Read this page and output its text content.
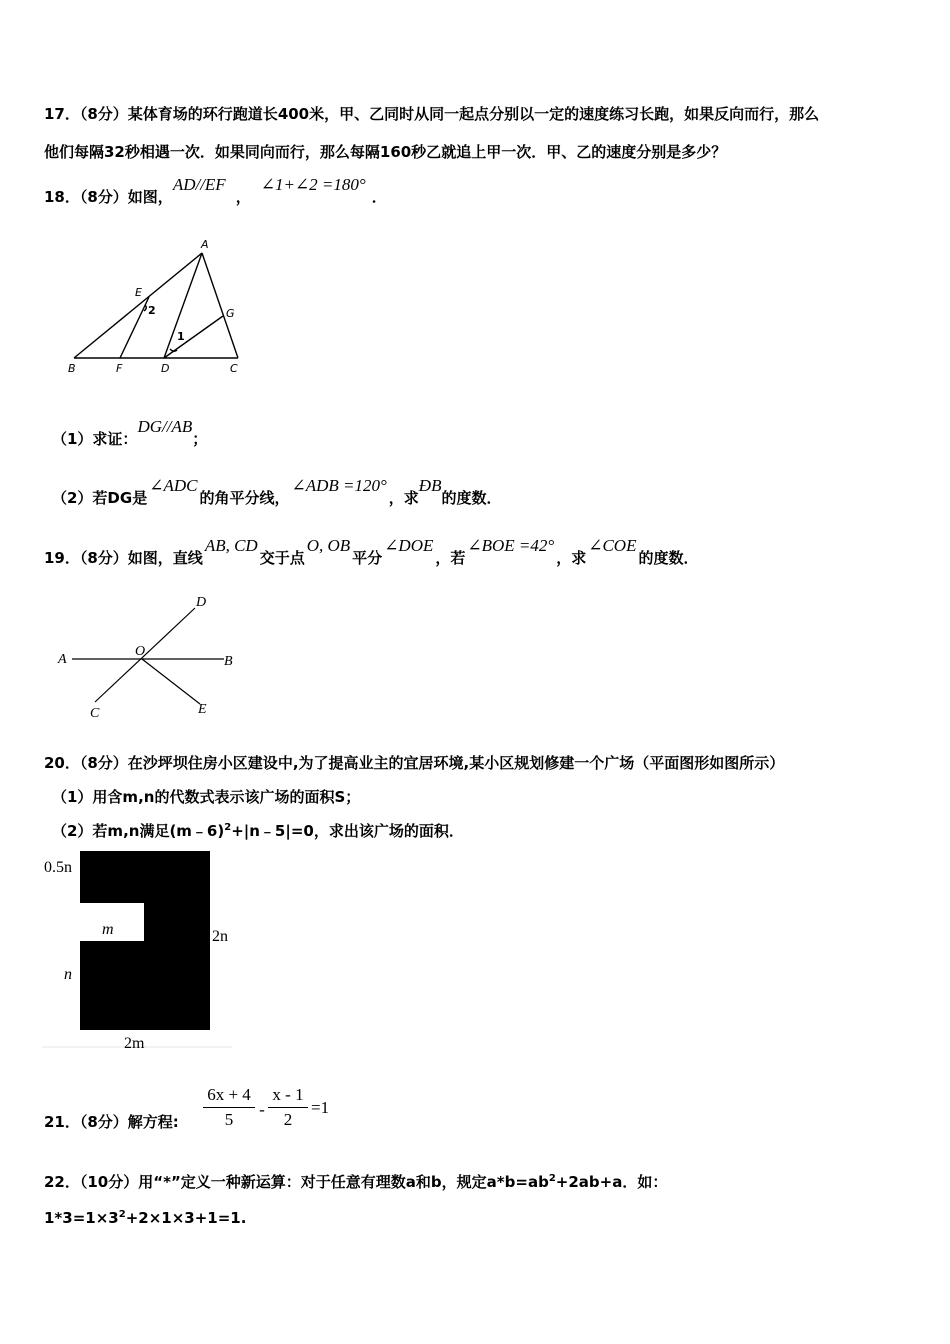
17．（8分）某体育场的环行跑道长400米，甲、乙同时从同一起点分别以一定的速度练习长跑，如果反向而行，那么
他们每隔32秒相遇一次．如果同向而行，那么每隔160秒乙就追上甲一次．甲、乙的速度分别是多少？
18．（8分）如图，AD//EF，∠1+∠2 =180°．
A
E
2	G
1
B	F	D	C
（1）求证：DG//AB；
（2）若DG是∠ADC的角平分线，∠ADB =120°，求ÐB的度数．
19．（8分）如图，直线AB, CD交于点O, OB平分∠DOE，若∠BOE =42°，求∠COE的度数．
A	B
C
D
E
O
20．（8分）在沙坪坝住房小区建设中,为了提高业主的宜居环境,某小区规划修建一个广场（平面图形如图所示）
（1）用含m,n的代数式表示该广场的面积S；
（2）若m,n满足(m﹣6)$^2$+|n﹣5|=0，求出该广场的面积．
0.5n
m	2n
n
2m
21．（8分）解方程: $\frac{6x + 4}{5} - \frac{x - 1}{2} =1$
22．（10分）用“*”定义一种新运算：对于任意有理数a和b，规定$a*b=ab^2+2ab+a$．如：
$1*3=1\times 3^2+2\times 1\times 3+1=1$.
